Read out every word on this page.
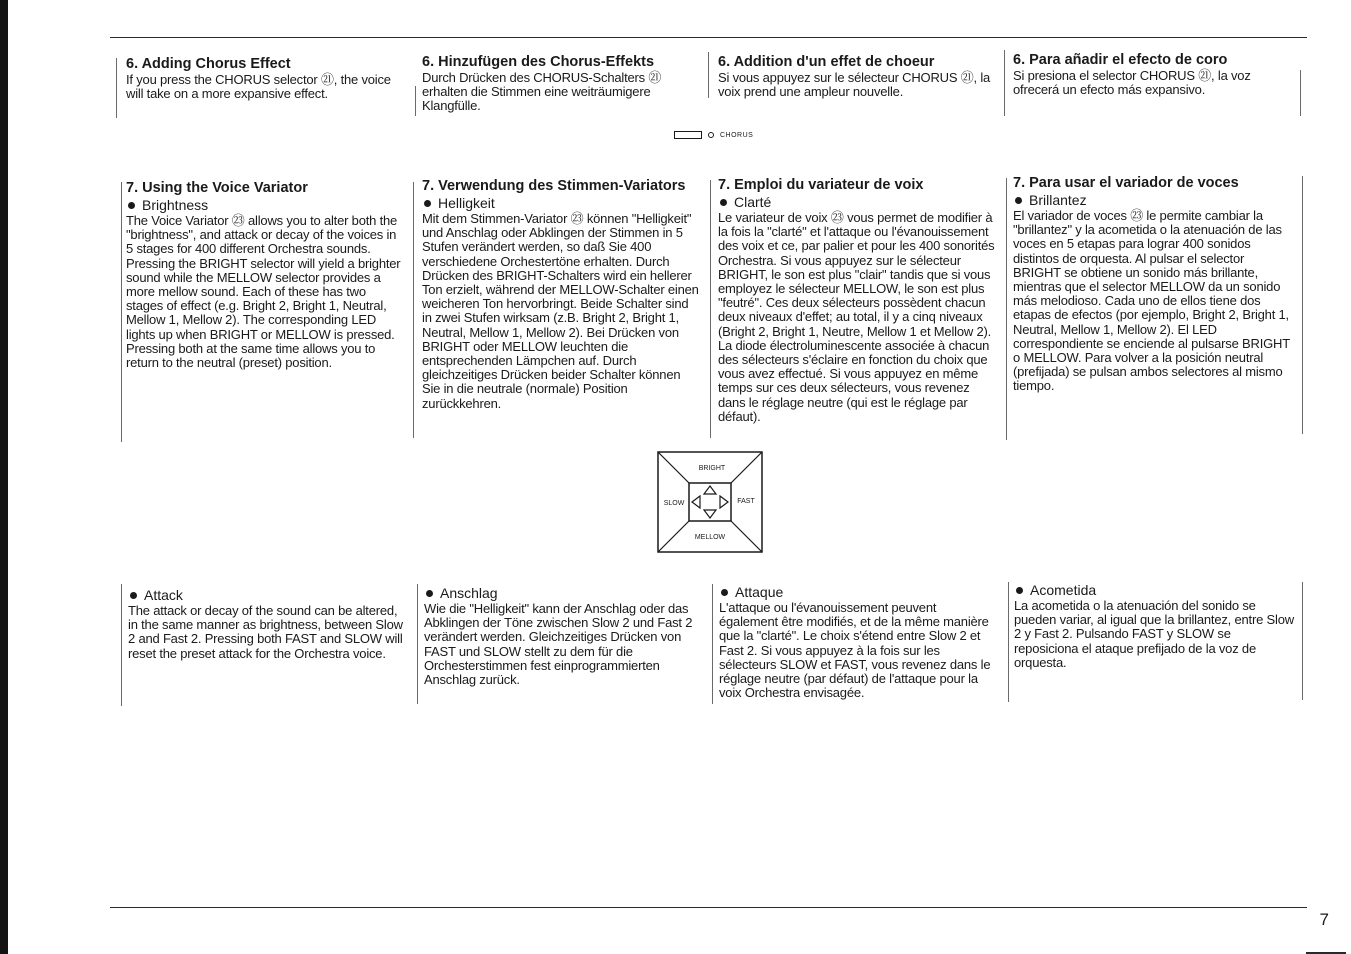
6. Adding Chorus Effect

If you press the CHORUS selector ㉑, the voice will take on a more expansive effect.

6. Hinzufügen des Chorus-Effekts

Durch Drücken des CHORUS-Schalters ㉑ erhalten die Stimmen eine weiträumigere Klangfülle.

6. Addition d'un effet de choeur

Si vous appuyez sur le sélecteur CHORUS ㉑, la voix prend une ampleur nouvelle.

6. Para añadir el efecto de coro

Si presiona el selector CHORUS ㉑, la voz ofrecerá un efecto más expansivo.

CHORUS

7. Using the Voice Variator

Brightness

The Voice Variator ㉓ allows you to alter both the "brightness", and attack or decay of the voices in 5 stages for 400 different Orchestra sounds. Pressing the BRIGHT selector will yield a brighter sound while the MELLOW selector provides a more mellow sound. Each of these has two stages of effect (e.g. Bright 2, Bright 1, Neutral, Mellow 1, Mellow 2). The corresponding LED lights up when BRIGHT or MELLOW is pressed. Pressing both at the same time allows you to return to the neutral (preset) position.

7. Verwendung des Stimmen-Variators

Helligkeit

Mit dem Stimmen-Variator ㉓ können "Helligkeit" und Anschlag oder Abklingen der Stimmen in 5 Stufen verändert werden, so daß Sie 400 verschiedene Orchestertöne erhalten. Durch Drücken des BRIGHT-Schalters wird ein hellerer Ton erzielt, während der MELLOW-Schalter einen weicheren Ton hervorbringt. Beide Schalter sind in zwei Stufen wirksam (z.B. Bright 2, Bright 1, Neutral, Mellow 1, Mellow 2). Bei Drücken von BRIGHT oder MELLOW leuchten die entsprechenden Lämpchen auf. Durch gleichzeitiges Drücken beider Schalter können Sie in die neutrale (normale) Position zurückkehren.

7. Emploi du variateur de voix

Clarté

Le variateur de voix ㉓ vous permet de modifier à la fois la "clarté" et l'attaque ou l'évanouissement des voix et ce, par palier et pour les 400 sonorités Orchestra. Si vous appuyez sur le sélecteur BRIGHT, le son est plus "clair" tandis que si vous employez le sélecteur MELLOW, le son est plus "feutré". Ces deux sélecteurs possèdent chacun deux niveaux d'effet; au total, il y a cinq niveaux (Bright 2, Bright 1, Neutre, Mellow 1 et Mellow 2). La diode électroluminescente associée à chacun des sélecteurs s'éclaire en fonction du choix que vous avez effectué. Si vous appuyez en même temps sur ces deux sélecteurs, vous revenez dans le réglage neutre (qui est le réglage par défaut).

7. Para usar el variador de voces

Brillantez

El variador de voces ㉓ le permite cambiar la "brillantez" y la acometida o la atenuación de las voces en 5 etapas para lograr 400 sonidos distintos de orquesta. Al pulsar el selector BRIGHT se obtiene un sonido más brillante, mientras que el selector MELLOW da un sonido más melodioso. Cada uno de ellos tiene dos etapas de efectos (por ejemplo, Bright 2, Bright 1, Neutral, Mellow 1, Mellow 2). El LED correspondiente se enciende al pulsarse BRIGHT o MELLOW. Para volver a la posición neutral (prefijada) se pulsan ambos selectores al mismo tiempo.

BRIGHT
SLOW	FAST
MELLOW

Attack

The attack or decay of the sound can be altered, in the same manner as brightness, between Slow 2 and Fast 2. Pressing both FAST and SLOW will reset the preset attack for the Orchestra voice.

Anschlag

Wie die "Helligkeit" kann der Anschlag oder das Abklingen der Töne zwischen Slow 2 und Fast 2 verändert werden. Gleichzeitiges Drücken von FAST und SLOW stellt zu dem für die Orchesterstimmen fest einprogrammierten Anschlag zurück.

Attaque

L'attaque ou l'évanouissement peuvent également être modifiés, et de la même manière que la "clarté". Le choix s'étend entre Slow 2 et Fast 2. Si vous appuyez à la fois sur les sélecteurs SLOW et FAST, vous revenez dans le réglage neutre (par défaut) de l'attaque pour la voix Orchestra envisagée.

Acometida

La acometida o la atenuación del sonido se pueden variar, al igual que la brillantez, entre Slow 2 y Fast 2. Pulsando FAST y SLOW se reposiciona el ataque prefijado de la voz de orquesta.

7
